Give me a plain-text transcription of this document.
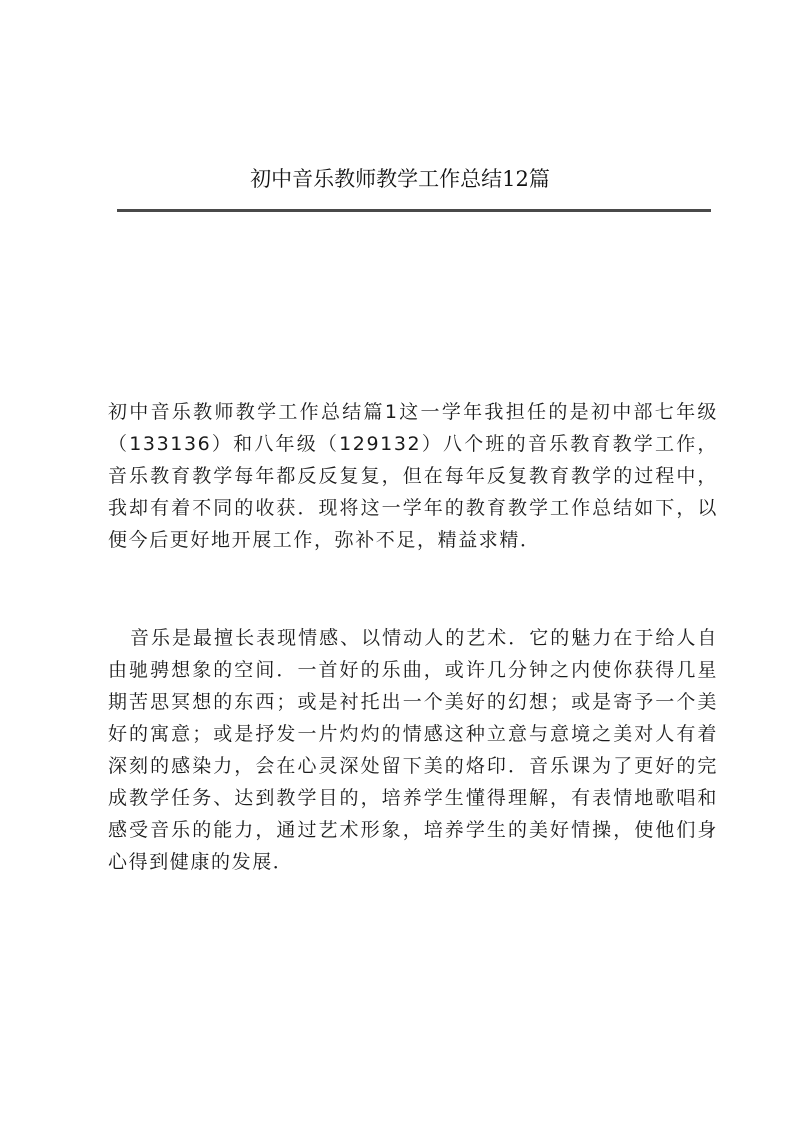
初中音乐教师教学工作总结12篇

初中音乐教师教学工作总结篇1这一学年我担任的是初中部七年级（133136）和八年级（129132）八个班的音乐教育教学工作，音乐教育教学每年都反反复复，但在每年反复教育教学的过程中，我却有着不同的收获．现将这一学年的教育教学工作总结如下，以便今后更好地开展工作，弥补不足，精益求精．

音乐是最擅长表现情感、以情动人的艺术．它的魅力在于给人自由驰骋想象的空间．一首好的乐曲，或许几分钟之内使你获得几星期苦思冥想的东西；或是衬托出一个美好的幻想；或是寄予一个美好的寓意；或是抒发一片灼灼的情感这种立意与意境之美对人有着深刻的感染力，会在心灵深处留下美的烙印．音乐课为了更好的完成教学任务、达到教学目的，培养学生懂得理解，有表情地歌唱和感受音乐的能力，通过艺术形象，培养学生的美好情操，使他们身心得到健康的发展．
